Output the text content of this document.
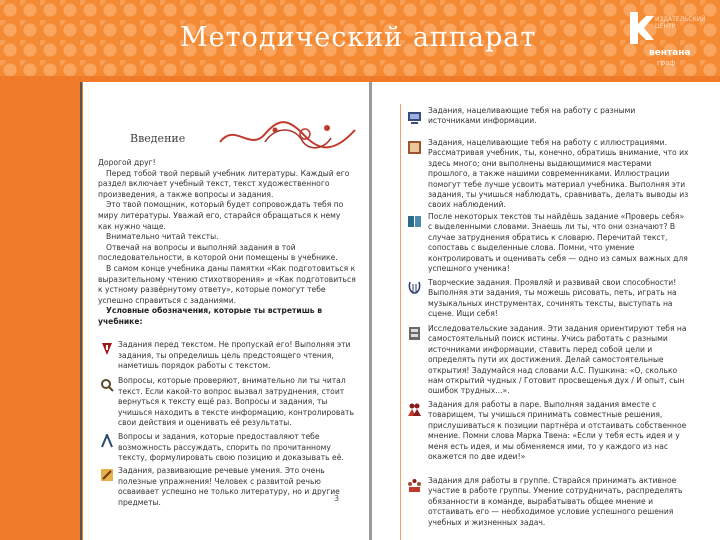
Методический аппарат
ИЗДАТЕЛЬСКИЙ ЦЕНТР
вентана
граф
Введение

Дорогой друг!

Перед тобой твой первый учебник литературы. Каждый его раздел включает учебный текст, текст художественного произведения, а также вопросы и задания.

Это твой помощник, который будет сопровождать тебя по миру литературы. Уважай его, старайся обращаться к нему как нужно чаще.

Внимательно читай тексты.

Отвечай на вопросы и выполняй задания в той последовательности, в которой они помещены в учебнике.

В самом конце учебника даны памятки «Как подготовиться к выразительному чтению стихотворения» и «Как подготовиться к устному развёрнутому ответу», которые помогут тебе успешно справиться с заданиями.

Условные обозначения, которые ты встретишь в учебнике:

Задания перед текстом. Не пропускай его! Выполняя эти задания, ты определишь цель предстоящего чтения, наметишь порядок работы с текстом.
Вопросы, которые проверяют, внимательно ли ты читал текст. Если какой-то вопрос вызвал затруднения, стоит вернуться к тексту ещё раз. Вопросы и задания, ты учишься находить в тексте информацию, контролировать свои действия и оценивать её результаты.
Вопросы и задания, которые предоставляют тебе возможность рассуждать, спорить по прочитанному тексту, формулировать свою позицию и доказывать её.
Задания, развивающие речевые умения. Это очень полезные упражнения! Человек с развитой речью осваивает успешно не только литературу, но и другие предметы.	3
Задания, нацеливающие тебя на работу с разными источниками информации.
Задания, нацеливающие тебя на работу с иллюстрациями. Рассматривая учебник, ты, конечно, обратишь внимание, что их здесь много; они выполнены выдающимися мастерами прошлого, а также нашими современниками. Иллюстрации помогут тебе лучше усвоить материал учебника. Выполняя эти задания, ты учишься наблюдать, сравнивать, делать выводы из своих наблюдений.
После некоторых текстов ты найдёшь задание «Проверь себя» с выделенными словами. Знаешь ли ты, что они означают? В случае затруднения обратись к словарю. Перечитай текст, сопоставь с выделенные слова. Помни, что умение контролировать и оценивать себя — одно из самых важных для успешного ученика!
Творческие задания. Проявляй и развивай свои способности! Выполняя эти задания, ты можешь рисовать, петь, играть на музыкальных инструментах, сочинять тексты, выступать на сцене. Ищи себя!
Исследовательские задания. Эти задания ориентируют тебя на самостоятельный поиск истины. Учись работать с разными источниками информации, ставить перед собой цели и определять пути их достижения. Делай самостоятельные открытия! Задумайся над словами А.С. Пушкина: «О, сколько нам открытий чудных / Готовит просвещенья дух / И опыт, сын ошибок трудных...».
Задания для работы в паре. Выполняя задания вместе с товарищем, ты учишься принимать совместные решения, прислушиваться к позиции партнёра и отстаивать собственное мнение. Помни слова Марка Твена: «Если у тебя есть идея и у меня есть идея, и мы обменяемся ими, то у каждого из нас окажется по две идеи!»
Задания для работы в группе. Старайся принимать активное участие в работе группы. Умение сотрудничать, распределять обязанности в команде, вырабатывать общее мнение и отстаивать его — необходимое условие успешного решения учебных и жизненных задач.
